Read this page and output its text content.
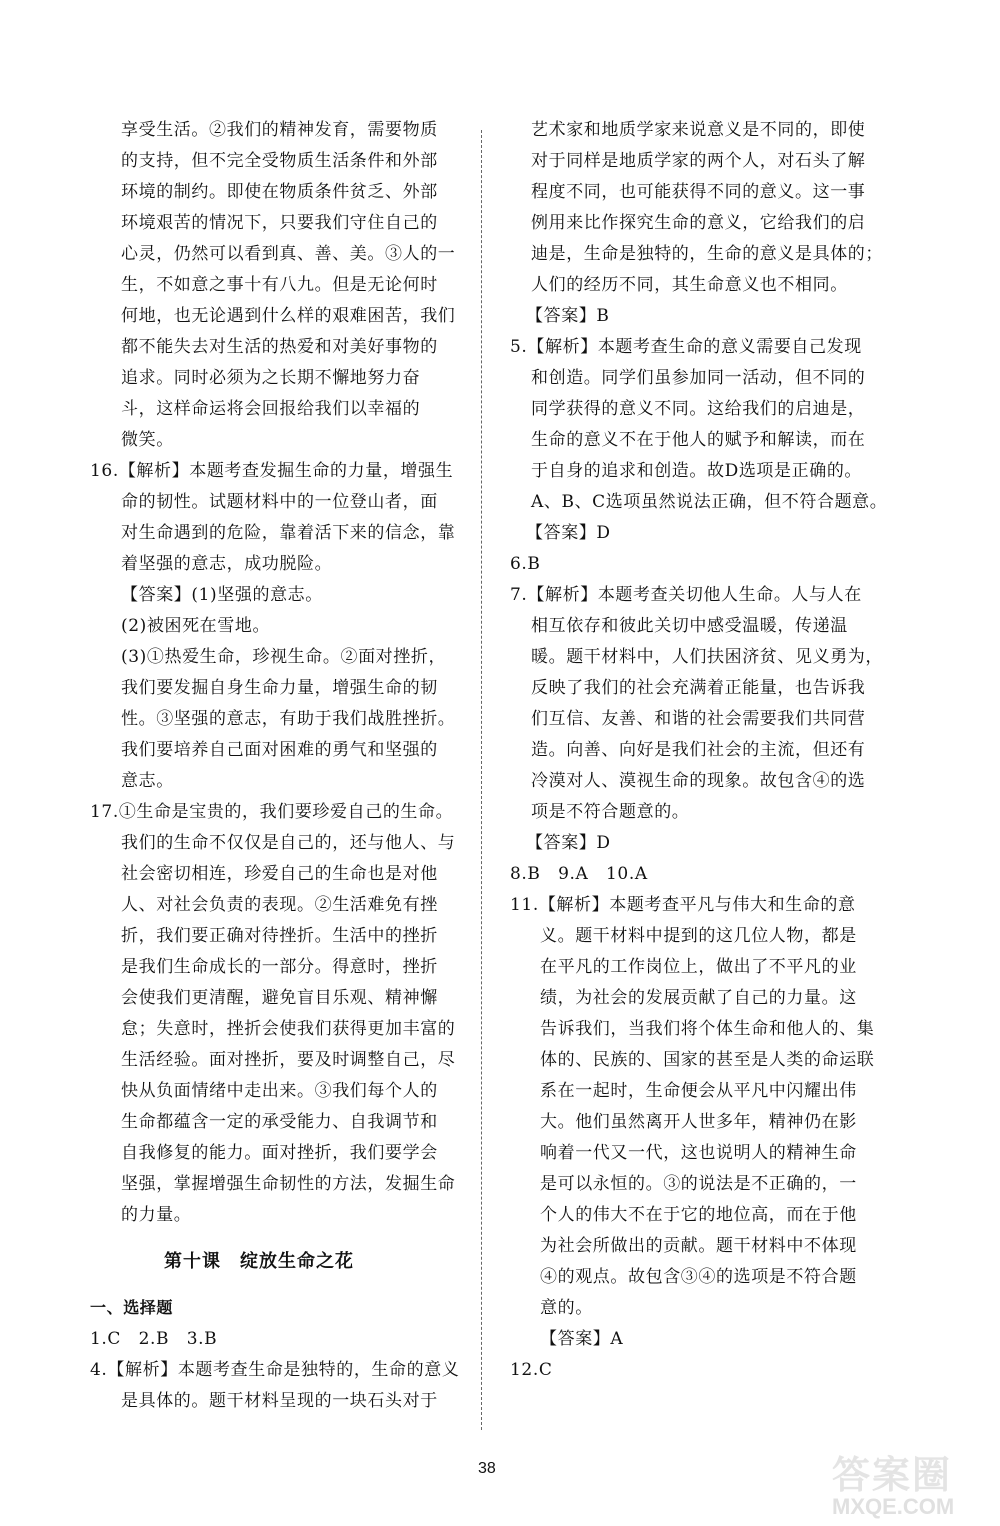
享受生活。②我们的精神发育，需要物质
的支持，但不完全受物质生活条件和外部
环境的制约。即使在物质条件贫乏、外部
环境艰苦的情况下，只要我们守住自己的
心灵，仍然可以看到真、善、美。③人的一
生，不如意之事十有八九。但是无论何时
何地，也无论遇到什么样的艰难困苦，我们
都不能失去对生活的热爱和对美好事物的
追求。同时必须为之长期不懈地努力奋
斗，这样命运将会回报给我们以幸福的
微笑。
16.【解析】本题考查发掘生命的力量，增强生
命的韧性。试题材料中的一位登山者，面
对生命遇到的危险，靠着活下来的信念，靠
着坚强的意志，成功脱险。
【答案】(1)坚强的意志。
(2)被困死在雪地。
(3)①热爱生命，珍视生命。②面对挫折，
我们要发掘自身生命力量，增强生命的韧
性。③坚强的意志，有助于我们战胜挫折。
我们要培养自己面对困难的勇气和坚强的
意志。
17.①生命是宝贵的，我们要珍爱自己的生命。
我们的生命不仅仅是自己的，还与他人、与
社会密切相连，珍爱自己的生命也是对他
人、对社会负责的表现。②生活难免有挫
折，我们要正确对待挫折。生活中的挫折
是我们生命成长的一部分。得意时，挫折
会使我们更清醒，避免盲目乐观、精神懈
怠；失意时，挫折会使我们获得更加丰富的
生活经验。面对挫折，要及时调整自己，尽
快从负面情绪中走出来。③我们每个人的
生命都蕴含一定的承受能力、自我调节和
自我修复的能力。面对挫折，我们要学会
坚强，掌握增强生命韧性的方法，发掘生命
的力量。
第十课　绽放生命之花
一、选择题
1.C　2.B　3.B
4.【解析】本题考查生命是独特的，生命的意义
是具体的。题干材料呈现的一块石头对于
艺术家和地质学家来说意义是不同的，即使
对于同样是地质学家的两个人，对石头了解
程度不同，也可能获得不同的意义。这一事
例用来比作探究生命的意义，它给我们的启
迪是，生命是独特的，生命的意义是具体的；
人们的经历不同，其生命意义也不相同。
【答案】B
5.【解析】本题考查生命的意义需要自己发现
和创造。同学们虽参加同一活动，但不同的
同学获得的意义不同。这给我们的启迪是，
生命的意义不在于他人的赋予和解读，而在
于自身的追求和创造。故D选项是正确的。
A、B、C选项虽然说法正确，但不符合题意。
【答案】D
6.B
7.【解析】本题考查关切他人生命。人与人在
相互依存和彼此关切中感受温暖，传递温
暖。题干材料中，人们扶困济贫、见义勇为，
反映了我们的社会充满着正能量，也告诉我
们互信、友善、和谐的社会需要我们共同营
造。向善、向好是我们社会的主流，但还有
冷漠对人、漠视生命的现象。故包含④的选
项是不符合题意的。
【答案】D
8.B　9.A　10.A
11.【解析】本题考查平凡与伟大和生命的意
义。题干材料中提到的这几位人物，都是
在平凡的工作岗位上，做出了不平凡的业
绩，为社会的发展贡献了自己的力量。这
告诉我们，当我们将个体生命和他人的、集
体的、民族的、国家的甚至是人类的命运联
系在一起时，生命便会从平凡中闪耀出伟
大。他们虽然离开人世多年，精神仍在影
响着一代又一代，这也说明人的精神生命
是可以永恒的。③的说法是不正确的，一
个人的伟大不在于它的地位高，而在于他
为社会所做出的贡献。题干材料中不体现
④的观点。故包含③④的选项是不符合题
意的。
【答案】A
12.C
38	答案圈
MXQE.COM
